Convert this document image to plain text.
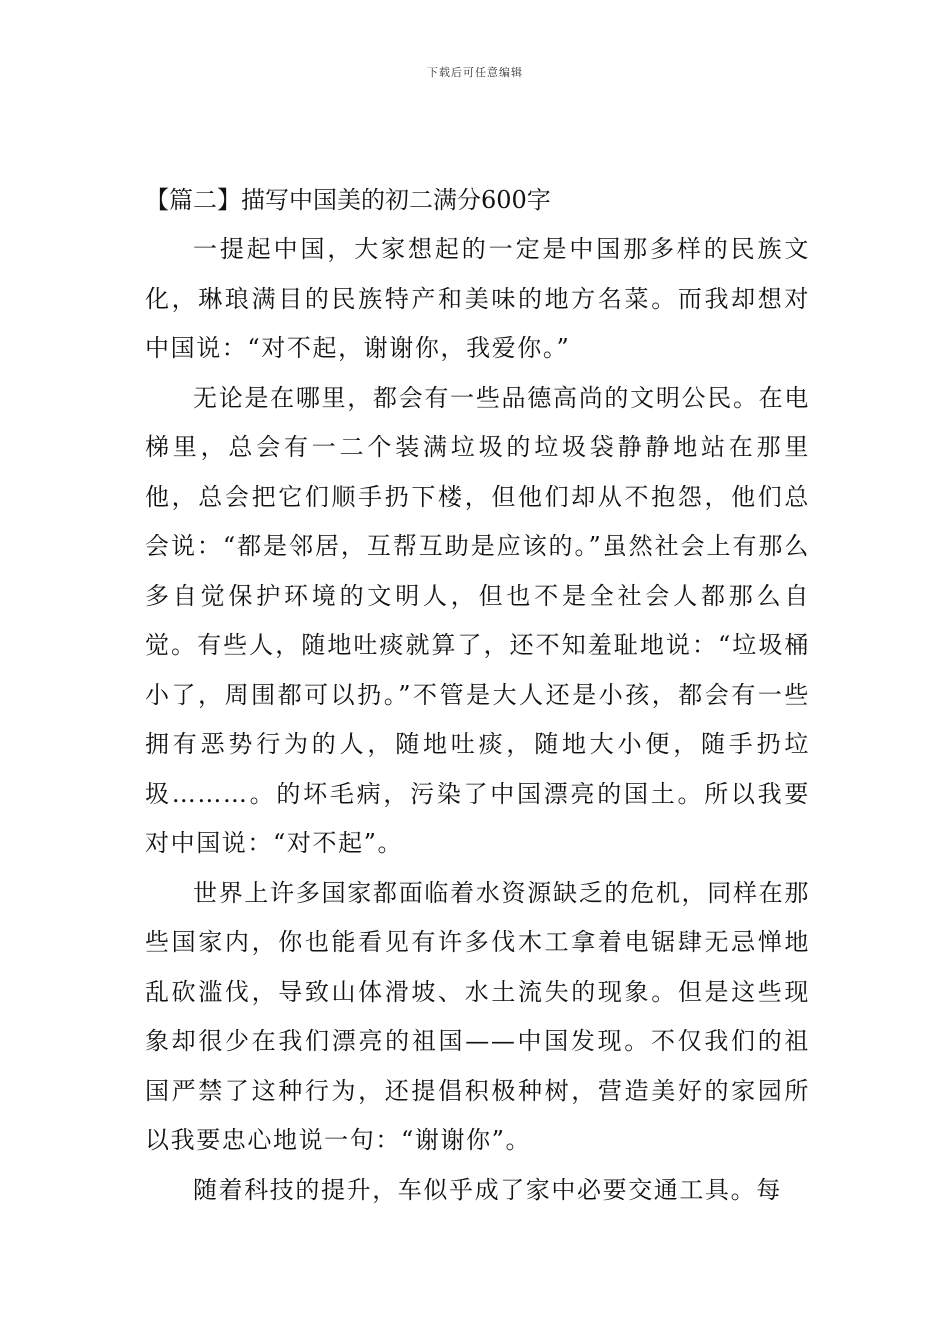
下载后可任意编辑
【篇二】描写中国美的初二满分600字

一提起中国，大家想起的一定是中国那多样的民族文化，琳琅满目的民族特产和美味的地方名菜。而我却想对中国说：“对不起，谢谢你，我爱你。”

无论是在哪里，都会有一些品德高尚的文明公民。在电梯里，总会有一二个装满垃圾的垃圾袋静静地站在那里他，总会把它们顺手扔下楼，但他们却从不抱怨，他们总会说：“都是邻居，互帮互助是应该的。”虽然社会上有那么多自觉保护环境的文明人，但也不是全社会人都那么自觉。有些人，随地吐痰就算了，还不知羞耻地说：“垃圾桶小了，周围都可以扔。”不管是大人还是小孩，都会有一些拥有恶势行为的人，随地吐痰，随地大小便，随手扔垃圾………。的坏毛病，污染了中国漂亮的国土。所以我要对中国说：“对不起”。

世界上许多国家都面临着水资源缺乏的危机，同样在那些国家内，你也能看见有许多伐木工拿着电锯肆无忌惮地乱砍滥伐，导致山体滑坡、水土流失的现象。但是这些现象却很少在我们漂亮的祖国——中国发现。不仅我们的祖国严禁了这种行为，还提倡积极种树，营造美好的家园所以我要忠心地说一句：“谢谢你”。

随着科技的提升，车似乎成了家中必要交通工具。每
